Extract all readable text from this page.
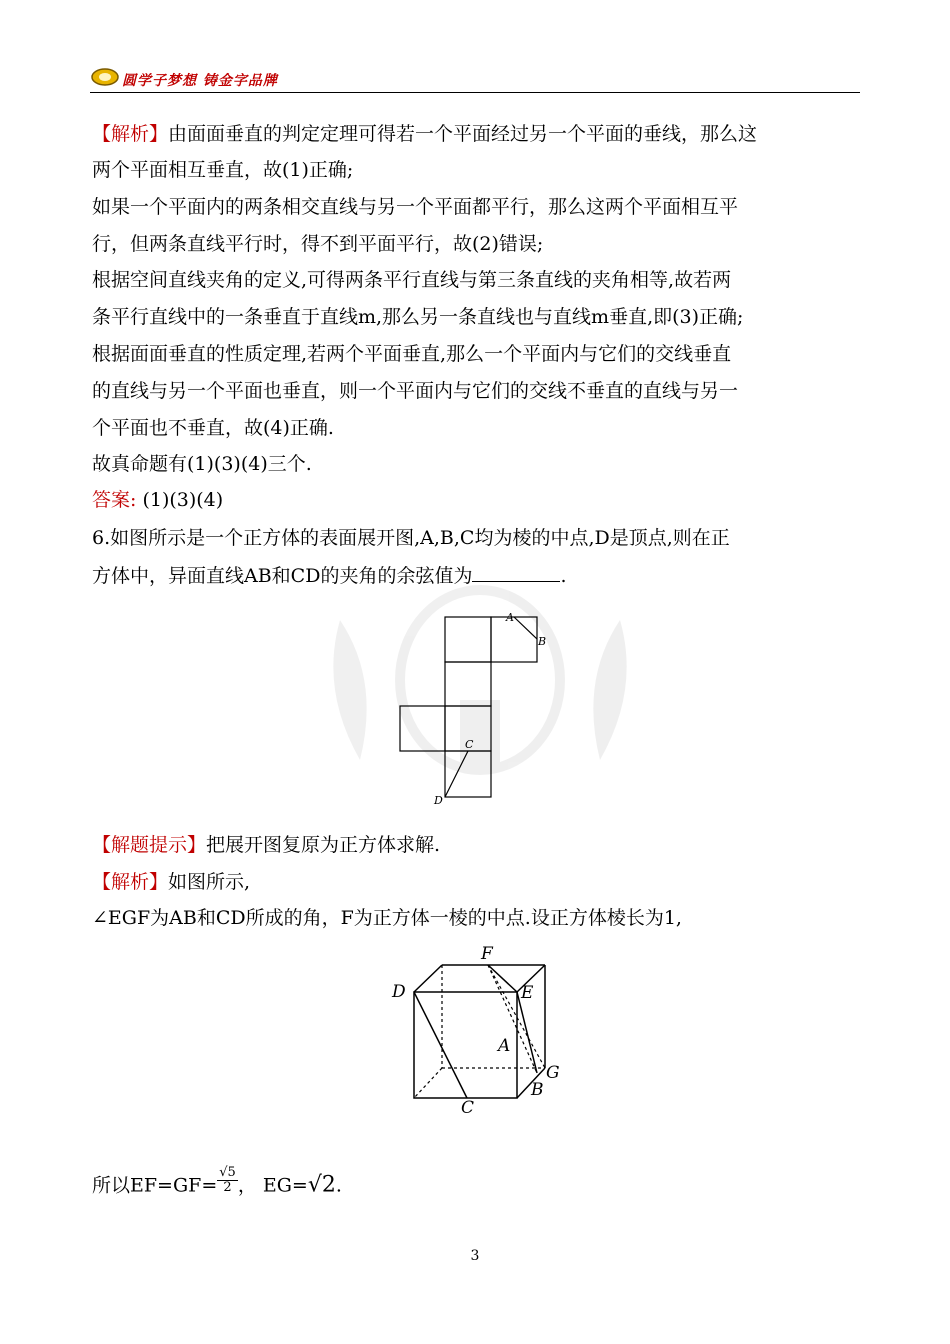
圆学子梦想 铸金字品牌
【解析】由面面垂直的判定定理可得若一个平面经过另一个平面的垂线，那么这
两个平面相互垂直，故(1)正确;
如果一个平面内的两条相交直线与另一个平面都平行，那么这两个平面相互平
行，但两条直线平行时，得不到平面平行，故(2)错误;
根据空间直线夹角的定义,可得两条平行直线与第三条直线的夹角相等,故若两
条平行直线中的一条垂直于直线m,那么另一条直线也与直线m垂直,即(3)正确;
根据面面垂直的性质定理,若两个平面垂直,那么一个平面内与它们的交线垂直
的直线与另一个平面也垂直，则一个平面内与它们的交线不垂直的直线与另一
个平面也不垂直，故(4)正确.
故真命题有(1)(3)(4)三个.
答案: (1)(3)(4)
6.如图所示是一个正方体的表面展开图,A,B,C均为棱的中点,D是顶点,则在正
方体中，异面直线AB和CD的夹角的余弦值为	.
A
B
C
D
【解题提示】把展开图复原为正方体求解.
【解析】如图所示,
∠EGF为AB和CD所成的角，F为正方体一棱的中点.设正方体棱长为1,
F
D	E
A
G
B
C
所以$EF=GF= \frac{√5}{2}$ ， EG=√2.
3
